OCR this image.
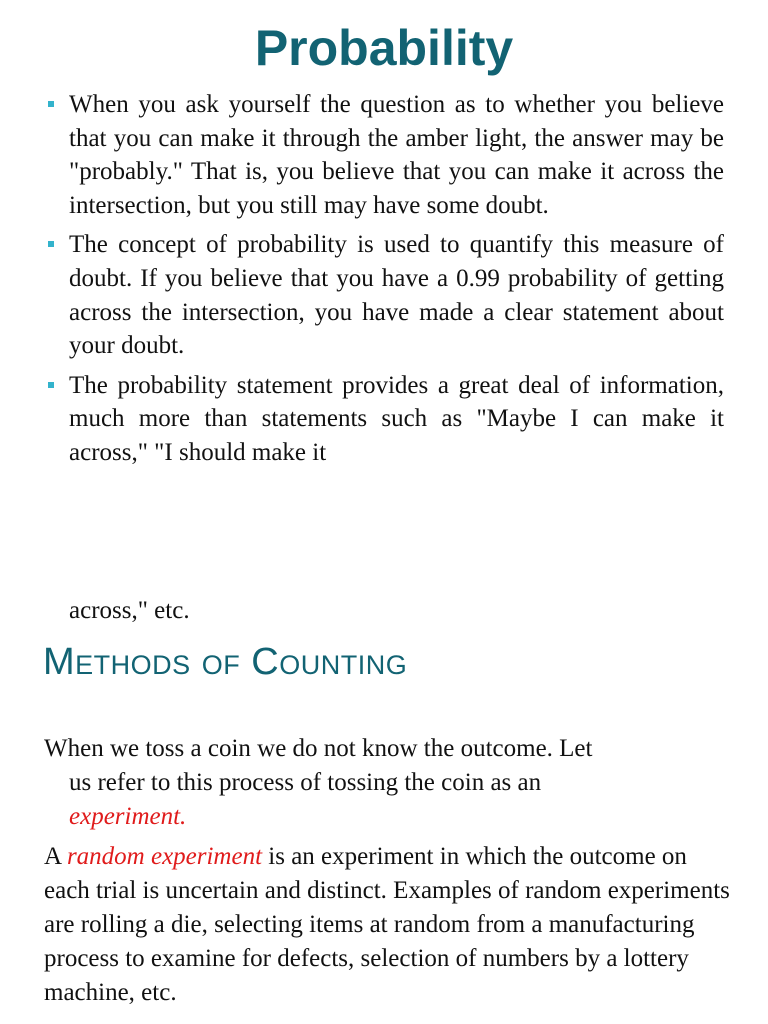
Probability
When you ask yourself the question as to whether you believe that you can make it through the amber light, the answer may be "probably." That is, you believe that you can make it across the intersection, but you still may have some doubt.
The concept of probability is used to quantify this measure of doubt. If you believe that you have a 0.99 probability of getting across the intersection, you have made a clear statement about your doubt.
The probability statement provides a great deal of information, much more than statements such as "Maybe I can make it across," "I should make it

across," etc.

Methods of Counting

When we toss a coin we do not know the outcome. Let
us refer to this process of tossing the coin as an
experiment.

A random experiment is an experiment in which the outcome on each trial is uncertain and distinct. Examples of random experiments are rolling a die, selecting items at random from a manufacturing process to examine for defects, selection of numbers by a lottery machine, etc.
